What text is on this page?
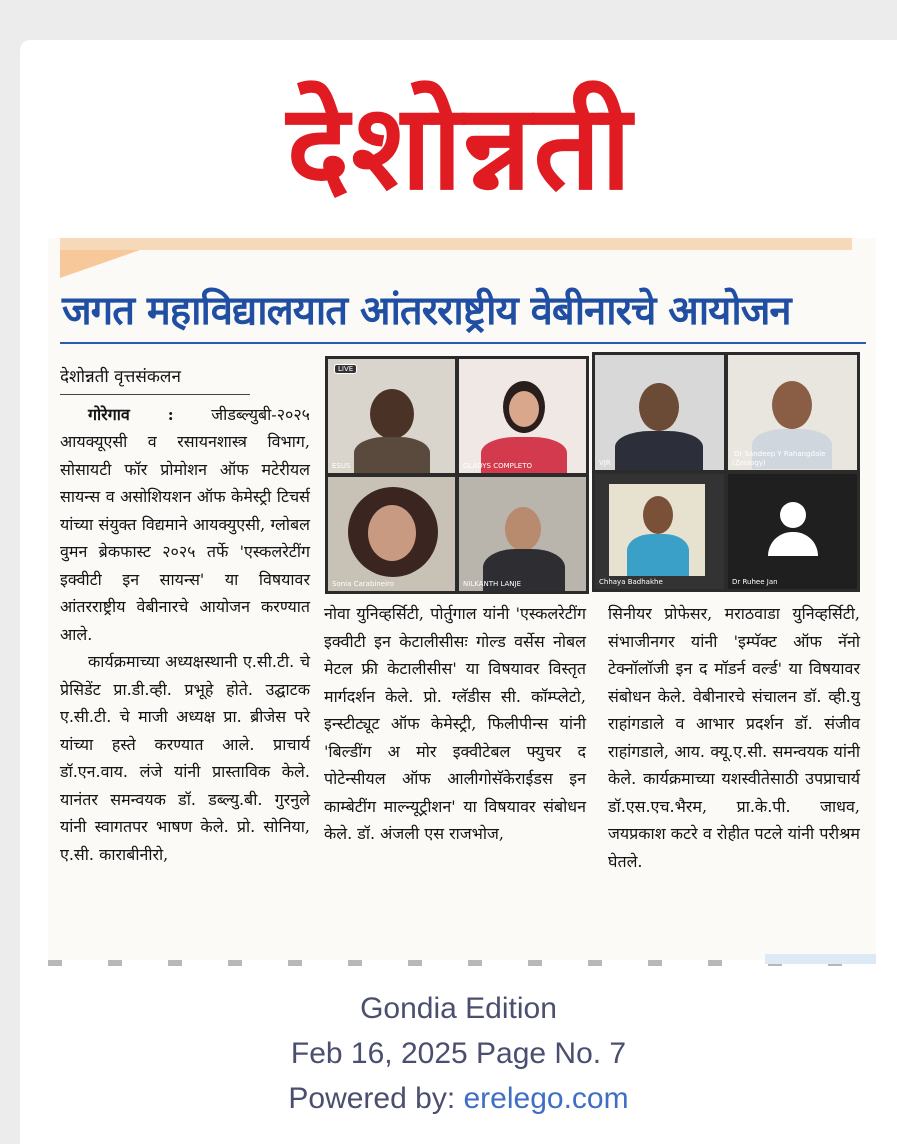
देशोन्नती
जगत महाविद्यालयात आंतरराष्ट्रीय वेबीनारचे आयोजन

देशोन्नती वृत्तसंकलन

गोरेगाव : जीडब्ल्युबी-२०२५ आयक्यूएसी व रसायनशास्त्र विभाग, सोसायटी फॉर प्रोमोशन ऑफ मटेरीयल सायन्स व असोशियशन ऑफ केमेस्ट्री टिचर्स यांच्या संयुक्त विद्यमाने आयक्युएसी, ग्लोबल वुमन ब्रेकफास्ट २०२५ तर्फे 'एस्कलरेटींग इक्वीटी इन सायन्स' या विषयावर आंतरराष्ट्रीय वेबीनारचे आयोजन करण्यात आले.

कार्यक्रमाच्या अध्यक्षस्थानी ए.सी.टी. चे प्रेसिडेंट प्रा.डी.व्ही. प्रभूहे होते. उद्घाटक ए.सी.टी. चे माजी अध्यक्ष प्रा. ब्रीजेस परे यांच्या हस्ते करण्यात आले. प्राचार्य डॉ.एन.वाय. लंजे यांनी प्रास्ताविक केले. यानंतर समन्वयक डॉ. डब्ल्यु.बी. गुरनुले यांनी स्वागतपर भाषण केले. प्रो. सोनिया, ए.सी. काराबीनीरो,

LIVE
ESUS	GLADYS COMPLETO
Sonia Carabineiro	NILKANTH LANJE
VJR
Dr Sandeep Y Rahangdale
(Zoology)
Chhaya Badhakhe	Dr Ruhee Jan

नोवा युनिव्हर्सिटी, पोर्तुगाल यांनी 'एस्कलरेटींग इक्वीटी इन केटालीसीसः गोल्ड वर्सेस नोबल मेटल फ्री केटालीसीस' या विषयावर विस्तृत मार्गदर्शन केले. प्रो. ग्लॅडीस सी. कॉम्प्लेटो, इन्स्टीट्यूट ऑफ केमेस्ट्री, फिलीपीन्स यांनी 'बिल्डींग अ मोर इक्वीटेबल फ्युचर द पोटेन्सीयल ऑफ आलीगोसॅकेराईडस इन काम्बेटींग माल्न्यूट्रीशन' या विषयावर संबोधन केले. डॉ. अंजली एस राजभोज,

सिनीयर प्रोफेसर, मराठवाडा युनिव्हर्सिटी, संभाजीनगर यांनी 'इम्पॅक्ट ऑफ नॅनो टेक्नॉलॉजी इन द मॉडर्न वर्ल्ड' या विषयावर संबोधन केले. वेबीनारचे संचालन डॉ. व्ही.यु राहांगडाले व आभार प्रदर्शन डॉ. संजीव राहांगडाले, आय. क्यू.ए.सी. समन्वयक यांनी केले. कार्यक्रमाच्या यशस्वीतेसाठी उपप्राचार्य डॉ.एस.एच.भैरम, प्रा.के.पी. जाधव, जयप्रकाश कटरे व रोहीत पटले यांनी परीश्रम घेतले.

Gondia Edition
Feb 16, 2025 Page No. 7
Powered by: erelego.com
